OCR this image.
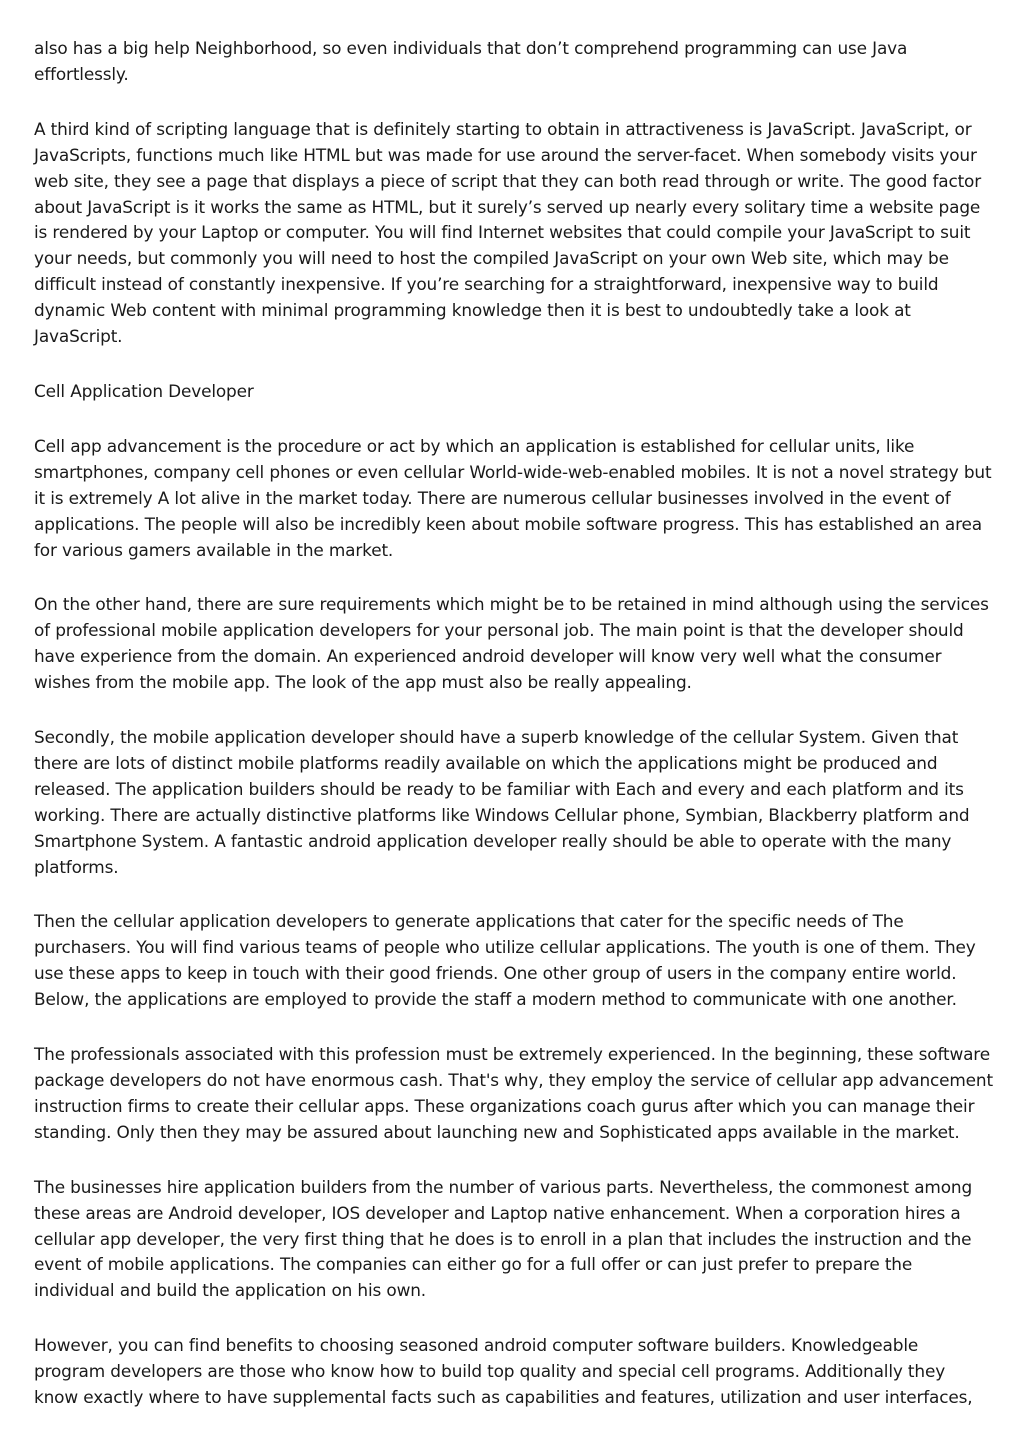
also has a big help Neighborhood, so even individuals that don’t comprehend programming can use Java effortlessly.

A third kind of scripting language that is definitely starting to obtain in attractiveness is JavaScript. JavaScript, or JavaScripts, functions much like HTML but was made for use around the server-facet. When somebody visits your web site, they see a page that displays a piece of script that they can both read through or write. The good factor about JavaScript is it works the same as HTML, but it surely’s served up nearly every solitary time a website page is rendered by your Laptop or computer. You will find Internet websites that could compile your JavaScript to suit your needs, but commonly you will need to host the compiled JavaScript on your own Web site, which may be difficult instead of constantly inexpensive. If you’re searching for a straightforward, inexpensive way to build dynamic Web content with minimal programming knowledge then it is best to undoubtedly take a look at JavaScript.

Cell Application Developer

Cell app advancement is the procedure or act by which an application is established for cellular units, like smartphones, company cell phones or even cellular World-wide-web-enabled mobiles. It is not a novel strategy but it is extremely A lot alive in the market today. There are numerous cellular businesses involved in the event of applications. The people will also be incredibly keen about mobile software progress. This has established an area for various gamers available in the market.

On the other hand, there are sure requirements which might be to be retained in mind although using the services of professional mobile application developers for your personal job. The main point is that the developer should have experience from the domain. An experienced android developer will know very well what the consumer wishes from the mobile app. The look of the app must also be really appealing.

Secondly, the mobile application developer should have a superb knowledge of the cellular System. Given that there are lots of distinct mobile platforms readily available on which the applications might be produced and released. The application builders should be ready to be familiar with Each and every and each platform and its working. There are actually distinctive platforms like Windows Cellular phone, Symbian, Blackberry platform and Smartphone System. A fantastic android application developer really should be able to operate with the many platforms.

Then the cellular application developers to generate applications that cater for the specific needs of The purchasers. You will find various teams of people who utilize cellular applications. The youth is one of them. They use these apps to keep in touch with their good friends. One other group of users in the company entire world. Below, the applications are employed to provide the staff a modern method to communicate with one another.

The professionals associated with this profession must be extremely experienced. In the beginning, these software package developers do not have enormous cash. That's why, they employ the service of cellular app advancement instruction firms to create their cellular apps. These organizations coach gurus after which you can manage their standing. Only then they may be assured about launching new and Sophisticated apps available in the market.

The businesses hire application builders from the number of various parts. Nevertheless, the commonest among these areas are Android developer, IOS developer and Laptop native enhancement. When a corporation hires a cellular app developer, the very first thing that he does is to enroll in a plan that includes the instruction and the event of mobile applications. The companies can either go for a full offer or can just prefer to prepare the individual and build the application on his own.

However, you can find benefits to choosing seasoned android computer software builders. Knowledgeable program developers are those who know how to build top quality and special cell programs. Additionally they know exactly where to have supplemental facts such as capabilities and features, utilization and user interfaces,
